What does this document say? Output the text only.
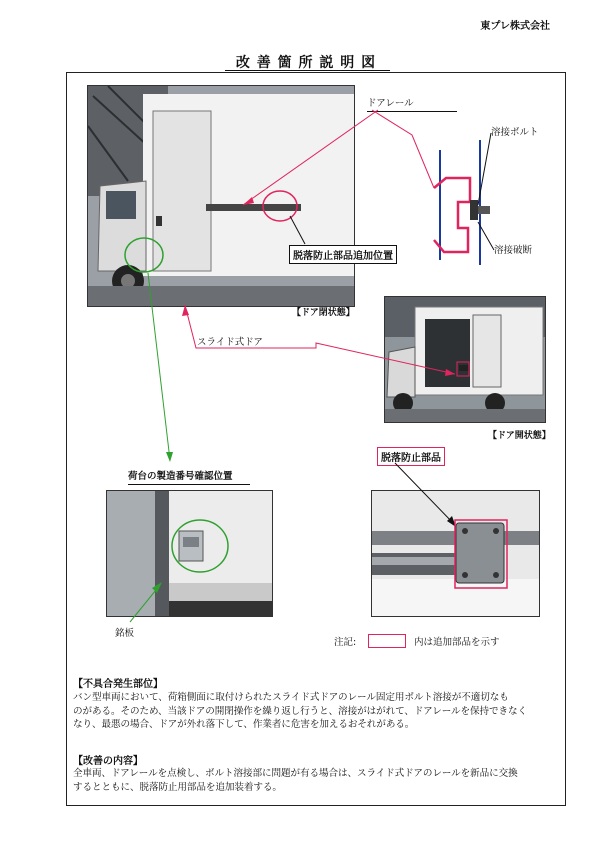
東プレ株式会社
改 善 箇 所 説 明 図
【ドア閉状態】
ドアレール
溶接ボルト
溶接破断
脱落防止部品追加位置
スライド式ドア
【ドア開状態】
荷台の製造番号確認位置
銘板
脱落防止部品
注記:	内は追加部品を示す
【不具合発生部位】
バン型車両において、荷箱側面に取付けられたスライド式ドアのレール固定用ボルト溶接が不適切なも
のがある。そのため、当該ドアの開閉操作を繰り返し行うと、溶接がはがれて、ドアレールを保持できなく
なり、最悪の場合、ドアが外れ落下して、作業者に危害を加えるおそれがある。
【改善の内容】
全車両、ドアレールを点検し、ボルト溶接部に問題が有る場合は、スライド式ドアのレールを新品に交換
するとともに、脱落防止用部品を追加装着する。
